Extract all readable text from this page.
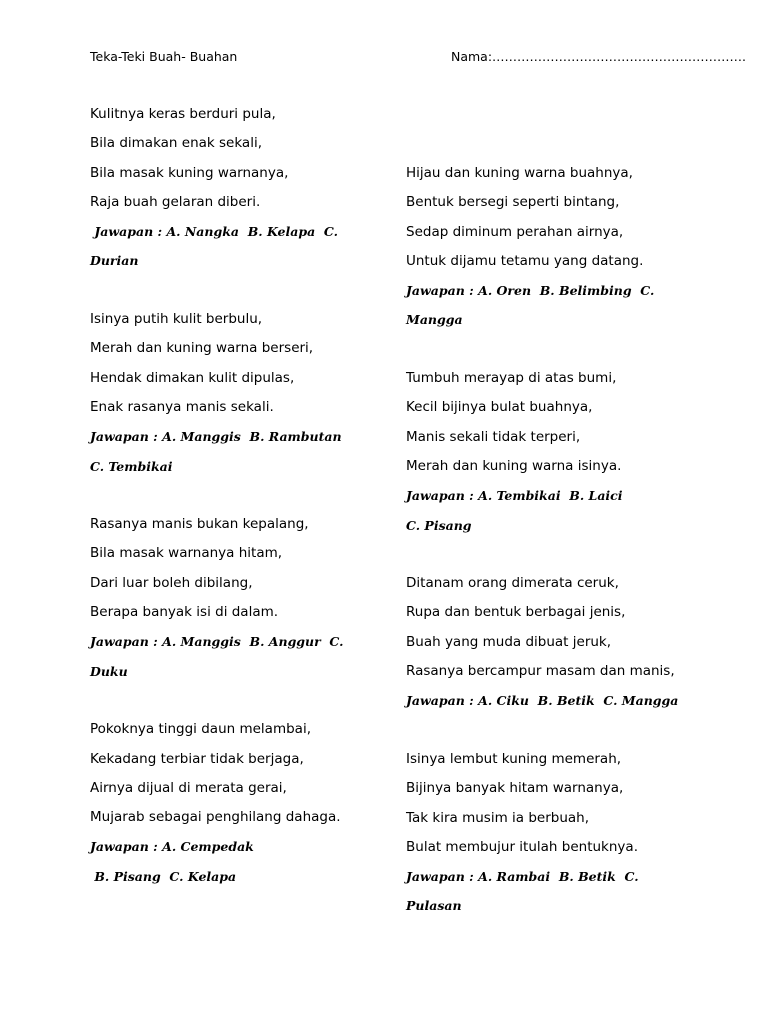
Teka-Teki Buah- Buahan	Nama:…………………………………………………….
Kulitnya keras berduri pula,
Bila dimakan enak sekali,
Bila masak kuning warnanya,
Raja buah gelaran diberi.
Jawapan : A. Nangka  B. Kelapa  C.
Durian
Isinya putih kulit berbulu,
Merah dan kuning warna berseri,
Hendak dimakan kulit dipulas,
Enak rasanya manis sekali.
Jawapan : A. Manggis  B. Rambutan
C. Tembikai
Rasanya manis bukan kepalang,
Bila masak warnanya hitam,
Dari luar boleh dibilang,
Berapa banyak isi di dalam.
Jawapan : A. Manggis  B. Anggur  C.
Duku
Pokoknya tinggi daun melambai,
Kekadang terbiar tidak berjaga,
Airnya dijual di merata gerai,
Mujarab sebagai penghilang dahaga.
Jawapan : A. Cempedak
B. Pisang  C. Kelapa
Hijau dan kuning warna buahnya,
Bentuk bersegi seperti bintang,
Sedap diminum perahan airnya,
Untuk dijamu tetamu yang datang.
Jawapan : A. Oren  B. Belimbing  C.
Mangga
Tumbuh merayap di atas bumi,
Kecil bijinya bulat buahnya,
Manis sekali tidak terperi,
Merah dan kuning warna isinya.
Jawapan : A. Tembikai  B. Laici
C. Pisang
Ditanam orang dimerata ceruk,
Rupa dan bentuk berbagai jenis,
Buah yang muda dibuat jeruk,
Rasanya bercampur masam dan manis,
Jawapan : A. Ciku  B. Betik  C. Mangga
Isinya lembut kuning memerah,
Bijinya banyak hitam warnanya,
Tak kira musim ia berbuah,
Bulat membujur itulah bentuknya.
Jawapan : A. Rambai  B. Betik  C.
Pulasan
